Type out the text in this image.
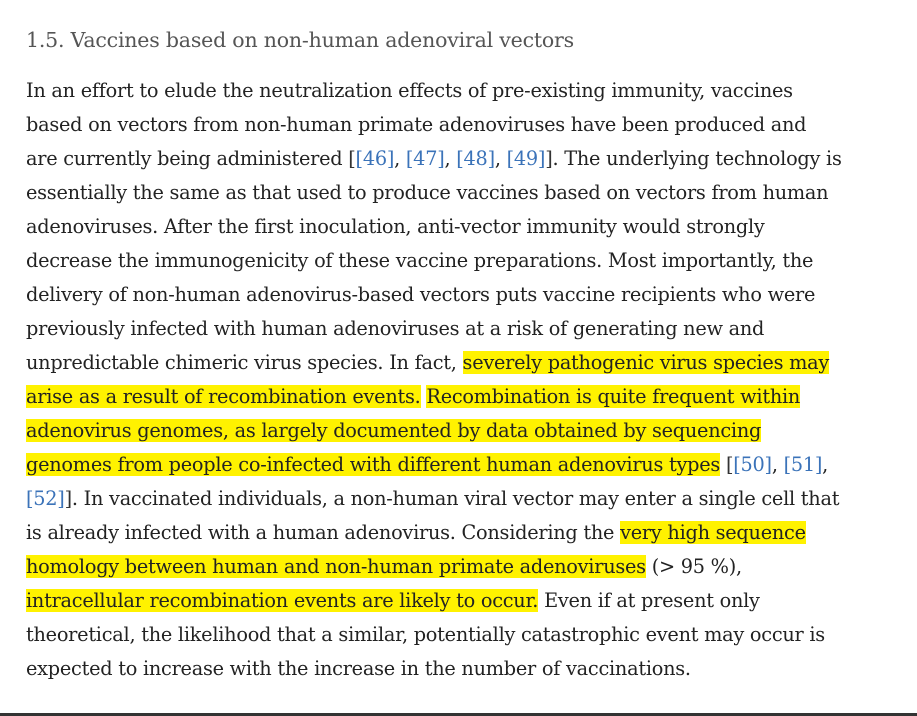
1.5. Vaccines based on non-human adenoviral vectors
In an effort to elude the neutralization effects of pre-existing immunity, vaccines
based on vectors from non-human primate adenoviruses have been produced and
are currently being administered [[46], [47], [48], [49]]. The underlying technology is
essentially the same as that used to produce vaccines based on vectors from human
adenoviruses. After the first inoculation, anti-vector immunity would strongly
decrease the immunogenicity of these vaccine preparations. Most importantly, the
delivery of non-human adenovirus-based vectors puts vaccine recipients who were
previously infected with human adenoviruses at a risk of generating new and
unpredictable chimeric virus species. In fact, severely pathogenic virus species may
arise as a result of recombination events. Recombination is quite frequent within
adenovirus genomes, as largely documented by data obtained by sequencing
genomes from people co-infected with different human adenovirus types [[50], [51],
[52]]. In vaccinated individuals, a non-human viral vector may enter a single cell that
is already infected with a human adenovirus. Considering the very high sequence
homology between human and non-human primate adenoviruses (> 95 %),
intracellular recombination events are likely to occur. Even if at present only
theoretical, the likelihood that a similar, potentially catastrophic event may occur is
expected to increase with the increase in the number of vaccinations.
